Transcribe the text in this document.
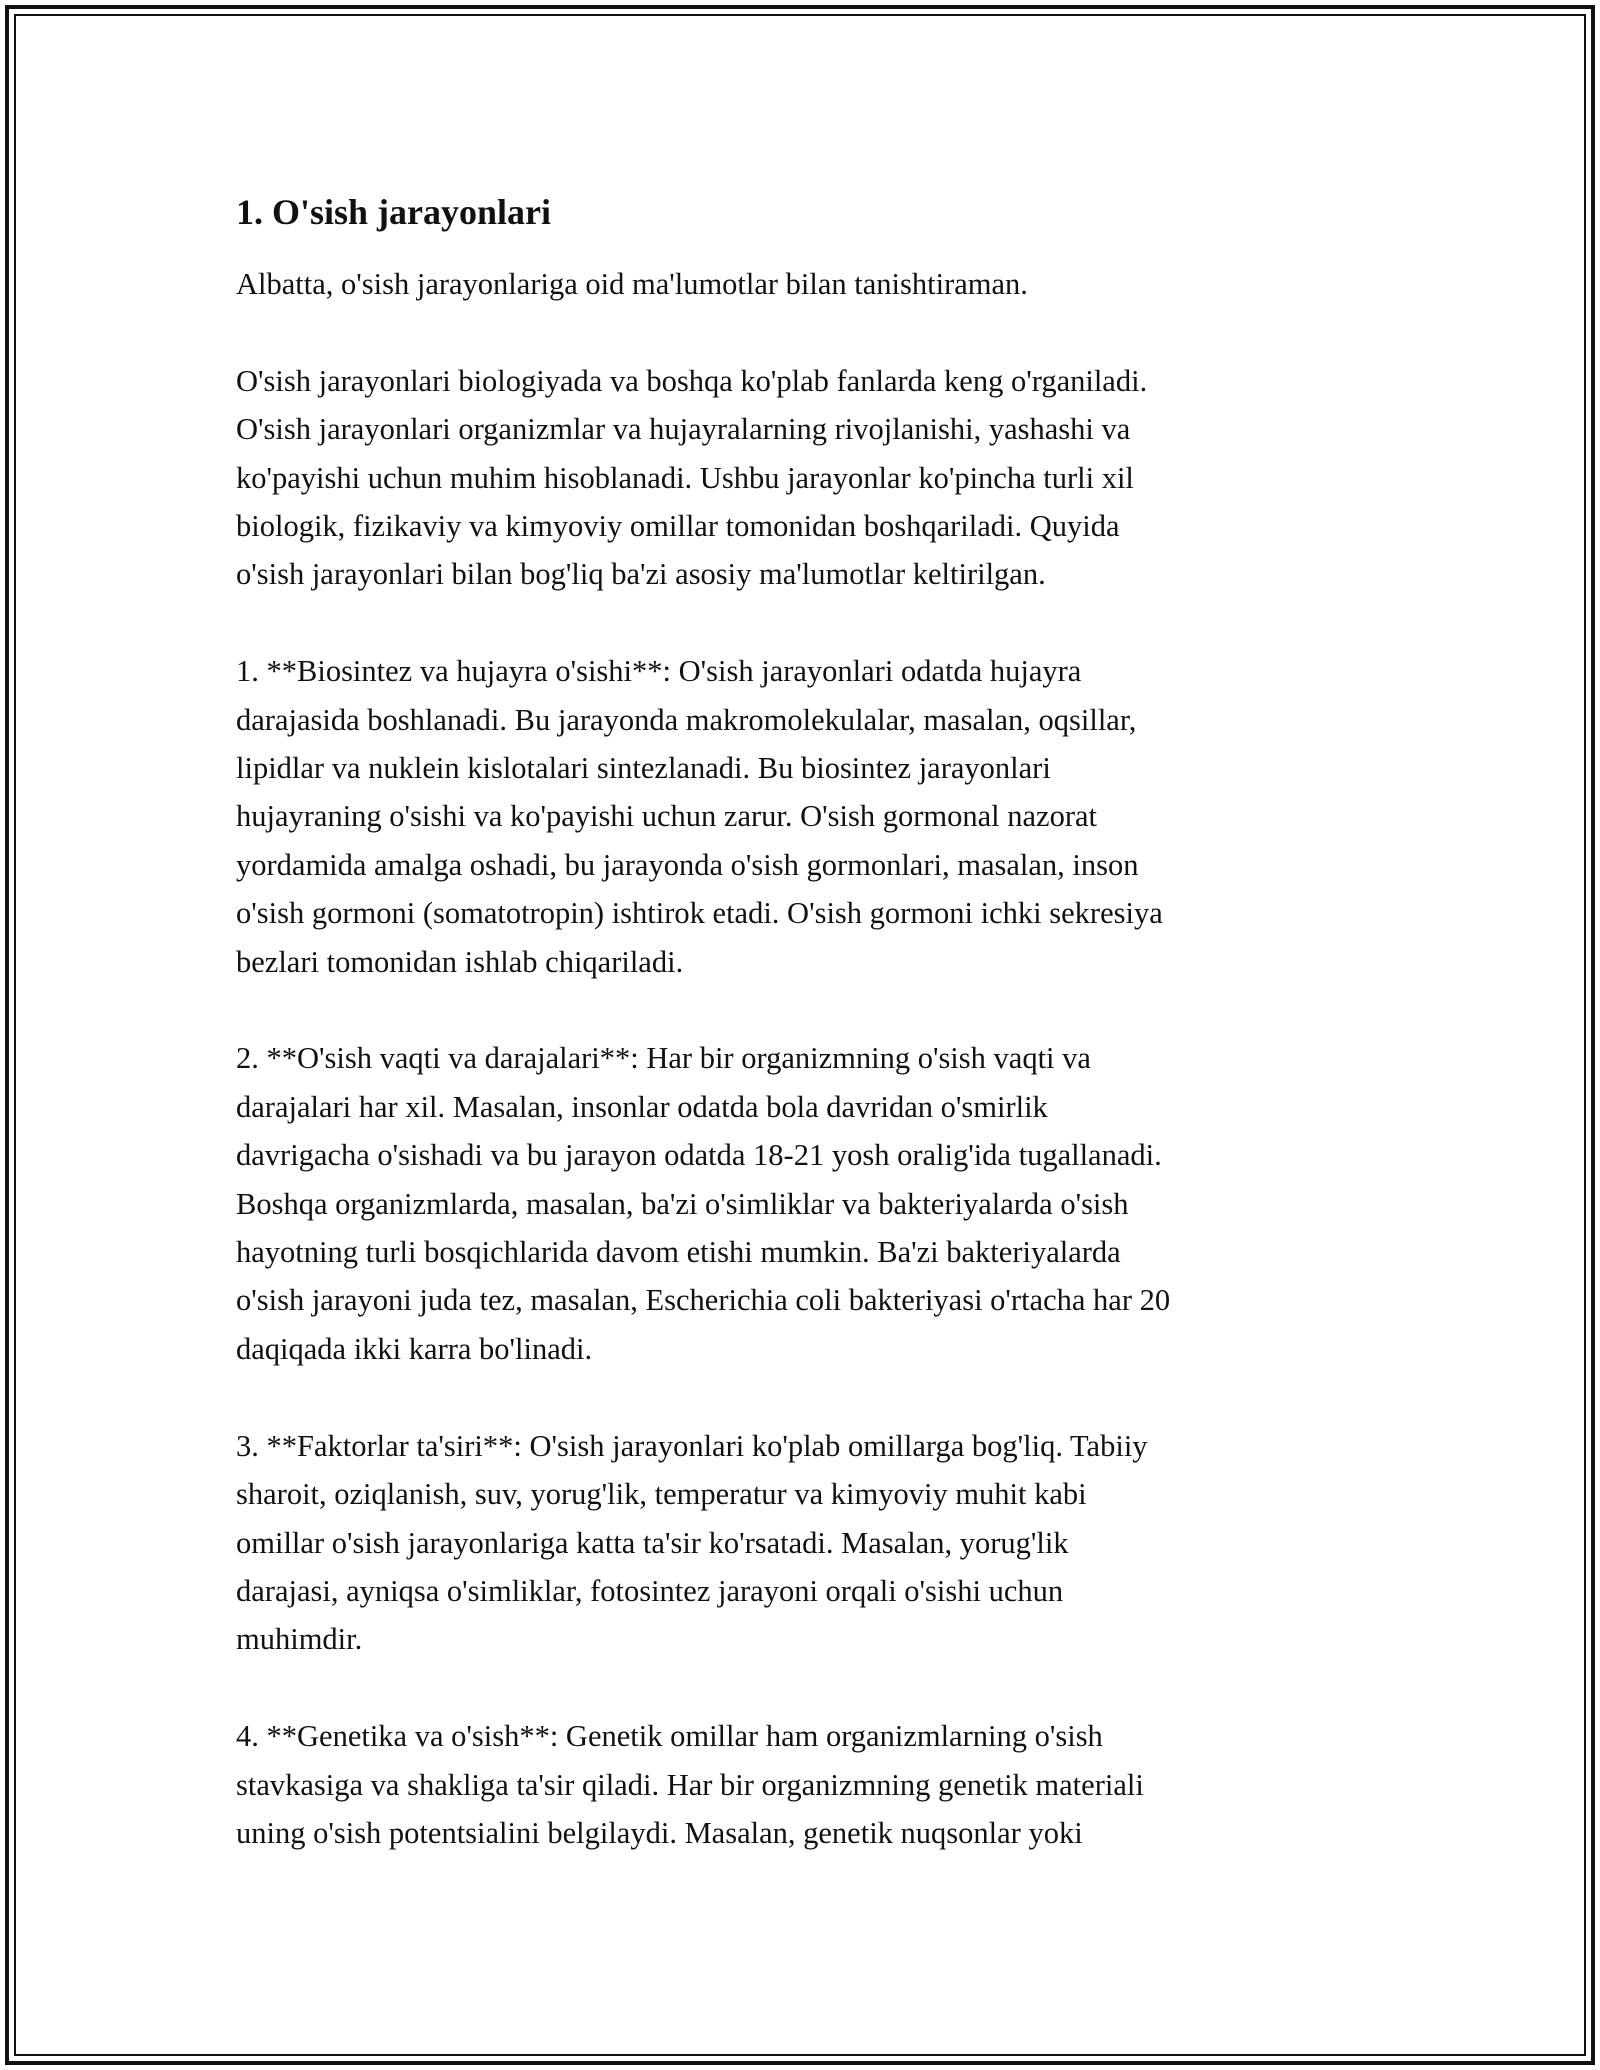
1. O'sish jarayonlari

Albatta, o'sish jarayonlariga oid ma'lumotlar bilan tanishtiraman.

O'sish jarayonlari biologiyada va boshqa ko'plab fanlarda keng o'rganiladi.
O'sish jarayonlari organizmlar va hujayralarning rivojlanishi, yashashi va
ko'payishi uchun muhim hisoblanadi. Ushbu jarayonlar ko'pincha turli xil
biologik, fizikaviy va kimyoviy omillar tomonidan boshqariladi. Quyida
o'sish jarayonlari bilan bog'liq ba'zi asosiy ma'lumotlar keltirilgan.

1. **Biosintez va hujayra o'sishi**: O'sish jarayonlari odatda hujayra
darajasida boshlanadi. Bu jarayonda makromolekulalar, masalan, oqsillar,
lipidlar va nuklein kislotalari sintezlanadi. Bu biosintez jarayonlari
hujayraning o'sishi va ko'payishi uchun zarur. O'sish gormonal nazorat
yordamida amalga oshadi, bu jarayonda o'sish gormonlari, masalan, inson
o'sish gormoni (somatotropin) ishtirok etadi. O'sish gormoni ichki sekresiya
bezlari tomonidan ishlab chiqariladi.

2. **O'sish vaqti va darajalari**: Har bir organizmning o'sish vaqti va
darajalari har xil. Masalan, insonlar odatda bola davridan o'smirlik
davrigacha o'sishadi va bu jarayon odatda 18-21 yosh oralig'ida tugallanadi.
Boshqa organizmlarda, masalan, ba'zi o'simliklar va bakteriyalarda o'sish
hayotning turli bosqichlarida davom etishi mumkin. Ba'zi bakteriyalarda
o'sish jarayoni juda tez, masalan, Escherichia coli bakteriyasi o'rtacha har 20
daqiqada ikki karra bo'linadi.

3. **Faktorlar ta'siri**: O'sish jarayonlari ko'plab omillarga bog'liq. Tabiiy
sharoit, oziqlanish, suv, yorug'lik, temperatur va kimyoviy muhit kabi
omillar o'sish jarayonlariga katta ta'sir ko'rsatadi. Masalan, yorug'lik
darajasi, ayniqsa o'simliklar, fotosintez jarayoni orqali o'sishi uchun
muhimdir.

4. **Genetika va o'sish**: Genetik omillar ham organizmlarning o'sish
stavkasiga va shakliga ta'sir qiladi. Har bir organizmning genetik materiali
uning o'sish potentsialini belgilaydi. Masalan, genetik nuqsonlar yoki
